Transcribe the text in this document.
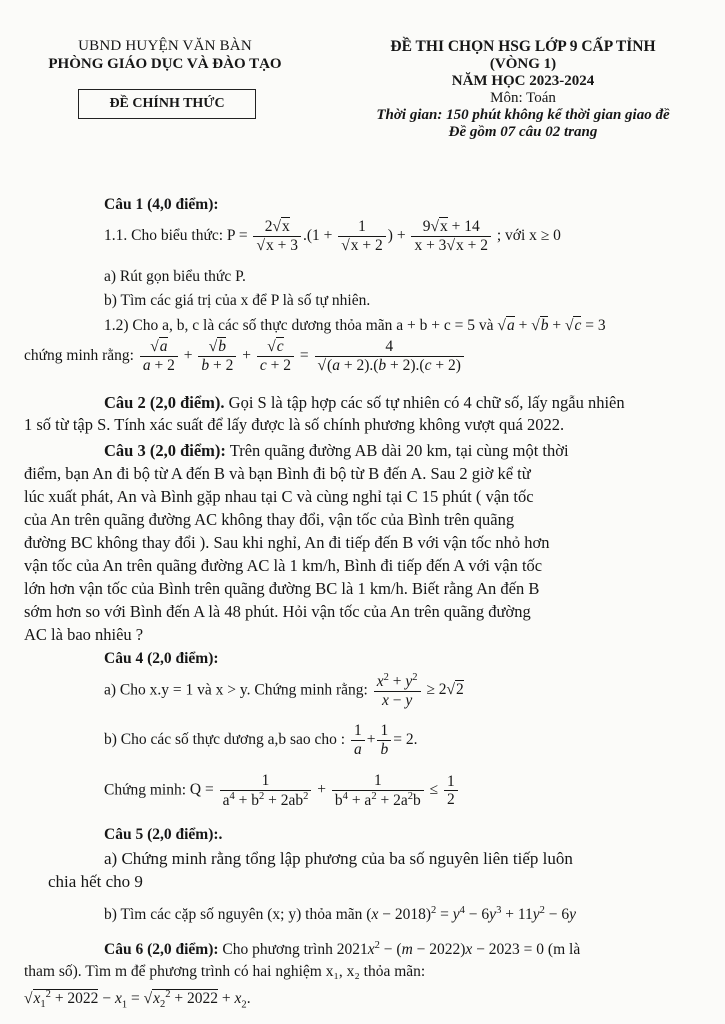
UBND HUYỆN VĂN BÀN
PHÒNG GIÁO DỤC VÀ ĐÀO TẠO
ĐỀ CHÍNH THỨC
ĐỀ THI CHỌN HSG LỚP 9 CẤP TỈNH
(VÒNG 1)
NĂM HỌC 2023-2024
Môn: Toán
Thời gian: 150 phút không kể thời gian giao đề
Đề gồm 07 câu 02 trang
Câu 1 (4,0 điểm):
1.1. Cho biểu thức: P = 2√ x
√ x + 3 .(1 + 1
√ x + 2 ) + $\frac{9√ x + 14}{x + 3√ x + 2}$ ; với x ≥ 0
a) Rút gọn biểu thức P.
b) Tìm các giá trị của x để P là số tự nhiên.
1.2) Cho a, b, c là các số thực dương thỏa mãn a + b + c = 5 và √ a + √ b + √ c = 3
chứng minh rằng:
√ $\frac{a}{a + 2}$ +
√ $\frac{b}{b + 2}$ +
√ $\frac{c}{c + 2} = 4$
√ (a + 2).(b + 2).(c + 2)
Câu 2 (2,0 điểm). Gọi S là tập hợp các số tự nhiên có 4 chữ số, lấy ngẫu nhiên
1 số từ tập S. Tính xác suất để lấy được là số chính phương không vượt quá 2022.
Câu 3 (2,0 điểm): Trên quãng đường AB dài 20 km, tại cùng một thời
điểm, bạn An đi bộ từ A đến B và bạn Bình đi bộ từ B đến A. Sau 2 giờ kể từ
lúc xuất phát, An và Bình gặp nhau tại C và cùng nghỉ tại C 15 phút ( vận tốc
của An trên quãng đường AC không thay đổi, vận tốc của Bình trên quãng
đường BC không thay đổi ). Sau khi nghỉ, An đi tiếp đến B với vận tốc nhỏ hơn
vận tốc của An trên quãng đường AC là 1 km/h, Bình đi tiếp đến A với vận tốc
lớn hơn vận tốc của Bình trên quãng đường BC là 1 km/h. Biết rằng An đến B
sớm hơn so với Bình đến A là 48 phút. Hỏi vận tốc của An trên quãng đường
AC là bao nhiêu ?
Câu 4 (2,0 điểm):
a) Cho x.y = 1 và x > y. Chứng minh rằng: $\frac{x^2 + y^2}{x - y} \ge 2√$ 2
b) Cho các số thực dương a,b sao cho : $\frac{1}{a} + \frac{1}{b} = 2$.
Chứng minh: $Q = \frac{1}{a^4 + b^2 + 2ab^2} + \frac{1}{b^4 + a^2 + 2a^2b} \le \frac{1}{2}$
Câu 5 (2,0 điểm):.
a) Chứng minh rằng tổng lập phương của ba số nguyên liên tiếp luôn
chia hết cho 9
b) Tìm các cặp số nguyên (x; y) thỏa mãn $(x - 2018)^2 = y^4 - 6y^3 + 11y^2 - 6y$
Câu 6 (2,0 điểm): Cho phương trình $2021x^2 - (m - 2022)x - 2023 = 0$ (m là
tham số). Tìm m để phương trình có hai nghiệm x₁, x₂ thỏa mãn:
√ $x_1^2 + 2022 - x_1$ = √ $x_2^2 + 2022 + x_2$.
